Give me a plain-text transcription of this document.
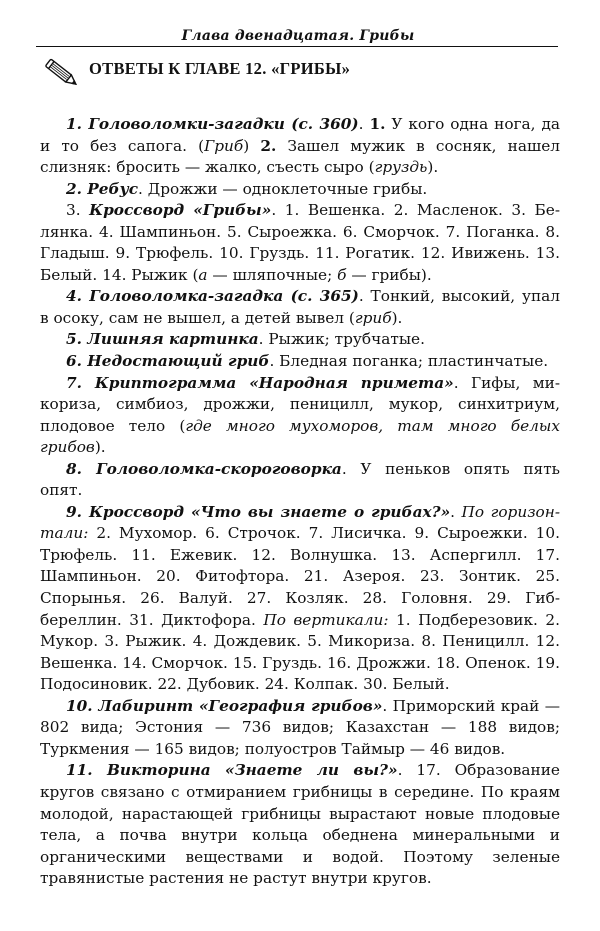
Глава двенадцатая. Грибы
ОТВЕТЫ К ГЛАВЕ 12. «ГРИБЫ»

1. Головоломки-загадки (с. 360). 1. У кого одна нога, да и то без сапога. (Гриб) 2. Зашел мужик в сосняк, нашел слизняк: бросить — жалко, съесть сыро (груздь).

2. Ребус. Дрожжи — одноклеточные грибы.

3. Кроссворд «Грибы». 1. Вешенка. 2. Масленок. 3. Белянка. 4. Шампиньон. 5. Сыроежка. 6. Сморчок. 7. Поганка. 8. Гладыш. 9. Трюфель. 10. Груздь. 11. Рогатик. 12. Ивижень. 13. Белый. 14. Рыжик (а — шляпочные; б — грибы).

4. Головоломка-загадка (с. 365). Тонкий, высокий, упал в осоку, сам не вышел, а детей вывел (гриб).

5. Лишняя картинка. Рыжик; трубчатые.

6. Недостающий гриб. Бледная поганка; пластинчатые.

7. Криптограмма «Народная примета». Гифы, микориза, симбиоз, дрожжи, пеницилл, мукор, синхитриум, плодовое тело (где много мухоморов, там много белых грибов).

8. Головоломка-скороговорка. У пеньков опять пять опят.

9. Кроссворд «Что вы знаете о грибах?». По горизонтали: 2. Мухомор. 6. Строчок. 7. Лисичка. 9. Сыроежки. 10. Трюфель. 11. Ежевик. 12. Волнушка. 13. Аспергилл. 17. Шампиньон. 20. Фитофтора. 21. Азероя. 23. Зонтик. 25. Спорынья. 26. Валуй. 27. Козляк. 28. Головня. 29. Гиббереллин. 31. Диктофора. По вертикали: 1. Подберезовик. 2. Мукор. 3. Рыжик. 4. Дождевик. 5. Микориза. 8. Пеницилл. 12. Вешенка. 14. Сморчок. 15. Груздь. 16. Дрожжи. 18. Опенок. 19. Подосиновик. 22. Дубовик. 24. Колпак. 30. Белый.

10. Лабиринт «География грибов». Приморский край — 802 вида; Эстония — 736 видов; Казахстан — 188 видов; Туркмения — 165 видов; полуостров Таймыр — 46 видов.

11. Викторина «Знаете ли вы?». 17. Образование кругов связано с отмиранием грибницы в середине. По краям молодой, нарастающей грибницы вырастают новые плодовые тела, а почва внутри кольца обеднена минеральными и органическими веществами и водой. Поэтому зеленые травянистые растения не растут внутри кругов.
